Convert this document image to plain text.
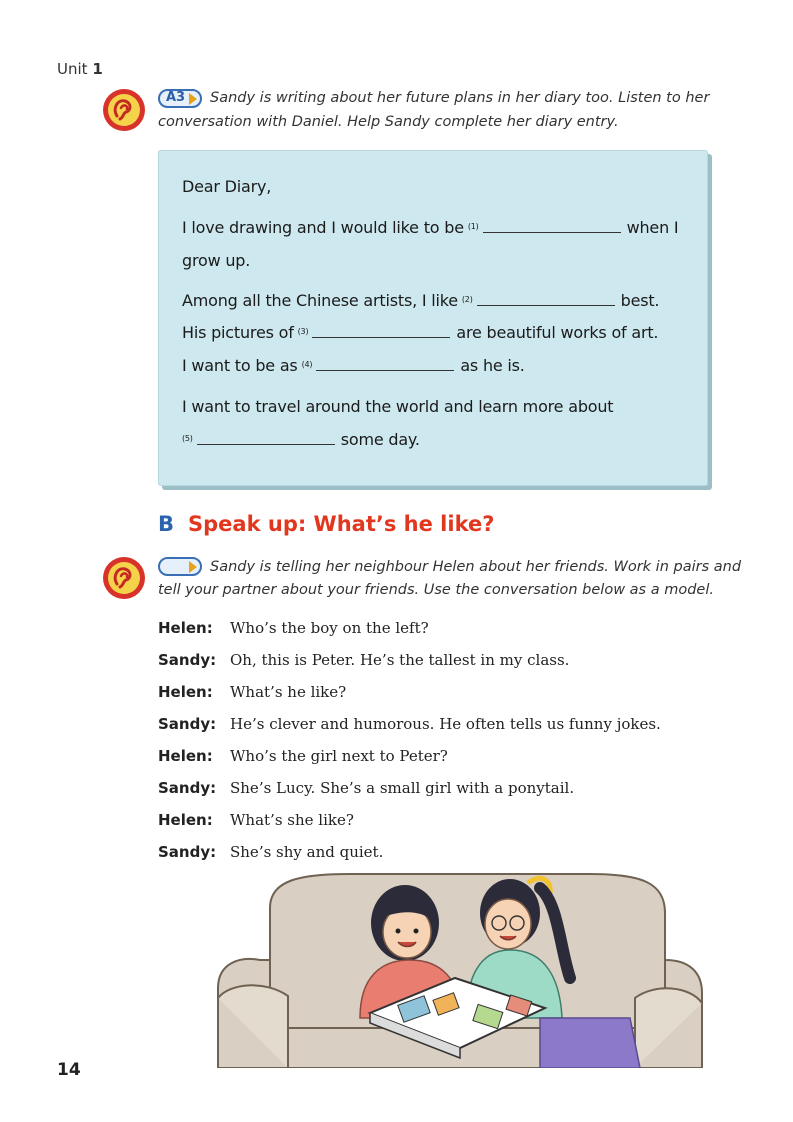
Unit 1
A3 Sandy is writing about her future plans in her diary too. Listen to her
conversation with Daniel. Help Sandy complete her diary entry.
Dear Diary,
I love drawing and I would like to be $^{(1)}$	when I
grow up.
Among all the Chinese artists, I like $^{(2)}$	best.
His pictures of $^{(3)}$	are beautiful works of art.
I want to be as $^{(4)}$	as he is.
I want to travel around the world and learn more about
$^{(5)}$	some day.
B Speak up: What’s he like?
Sandy is telling her neighbour Helen about her friends. Work in pairs and
tell your partner about your friends. Use the conversation below as a model.
Helen: Who’s the boy on the left?
Sandy: Oh, this is Peter. He’s the tallest in my class.
Helen: What’s he like?
Sandy: He’s clever and humorous. He often tells us funny jokes.
Helen: Who’s the girl next to Peter?
Sandy: She’s Lucy. She’s a small girl with a ponytail.
Helen: What’s she like?
Sandy: She’s shy and quiet.
14
